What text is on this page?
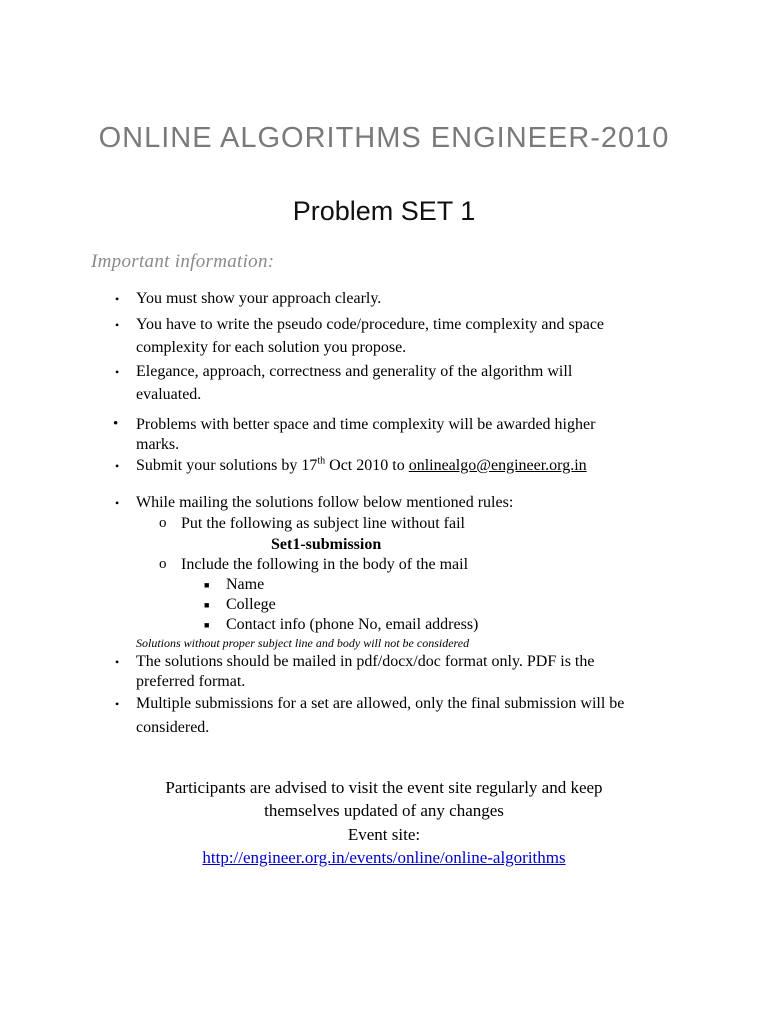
ONLINE ALGORITHMS ENGINEER-2010
Problem SET 1
Important information:
• You must show your approach clearly.
• You have to write the pseudo code/procedure, time complexity and space
complexity for each solution you propose.
• Elegance, approach, correctness and generality of the algorithm will
evaluated.
• Problems with better space and time complexity will be awarded higher
marks.
• Submit your solutions by 17th Oct 2010 to onlinealgo@engineer.org.in
• While mailing the solutions follow below mentioned rules:
o Put the following as subject line without fail
Set1-submission
o Include the following in the body of the mail
■ Name
■ College
■ Contact info (phone No, email address)
Solutions without proper subject line and body will not be considered
• The solutions should be mailed in pdf/docx/doc format only. PDF is the
preferred format.
• Multiple submissions for a set are allowed, only the final submission will be
considered.
Participants are advised to visit the event site regularly and keep
themselves updated of any changes
Event site:
http://engineer.org.in/events/online/online-algorithms
